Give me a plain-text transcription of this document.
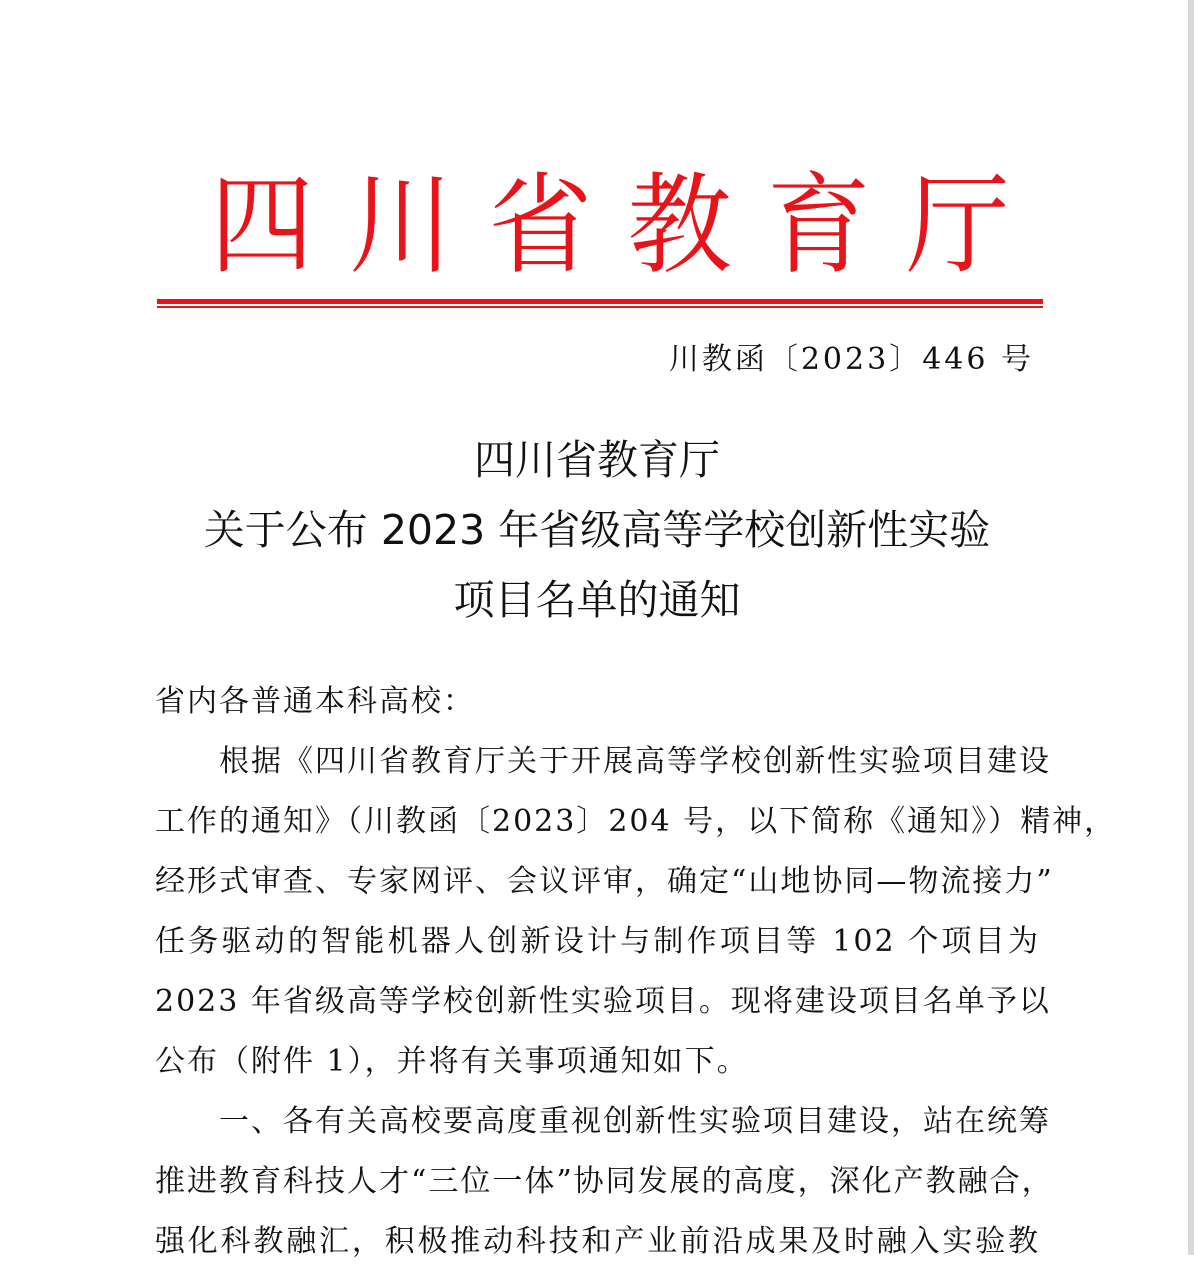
四 川 省 教 育 厅
川教函〔2023〕446 号
四川省教育厅
关于公布 2023 年省级高等学校创新性实验
项目名单的通知
省内各普通本科高校：
根据《四川省教育厅关于开展高等学校创新性实验项目建设
工作的通知》（川教函〔2023〕204 号，以下简称《通知》）精神，
经形式审查、专家网评、会议评审，确定“山地协同—物流接力”
任务驱动的智能机器人创新设计与制作项目等 102 个项目为
2023 年省级高等学校创新性实验项目。现将建设项目名单予以
公布（附件 1），并将有关事项通知如下。
一、各有关高校要高度重视创新性实验项目建设，站在统筹
推进教育科技人才“三位一体”协同发展的高度，深化产教融合，
强化科教融汇，积极推动科技和产业前沿成果及时融入实验教
